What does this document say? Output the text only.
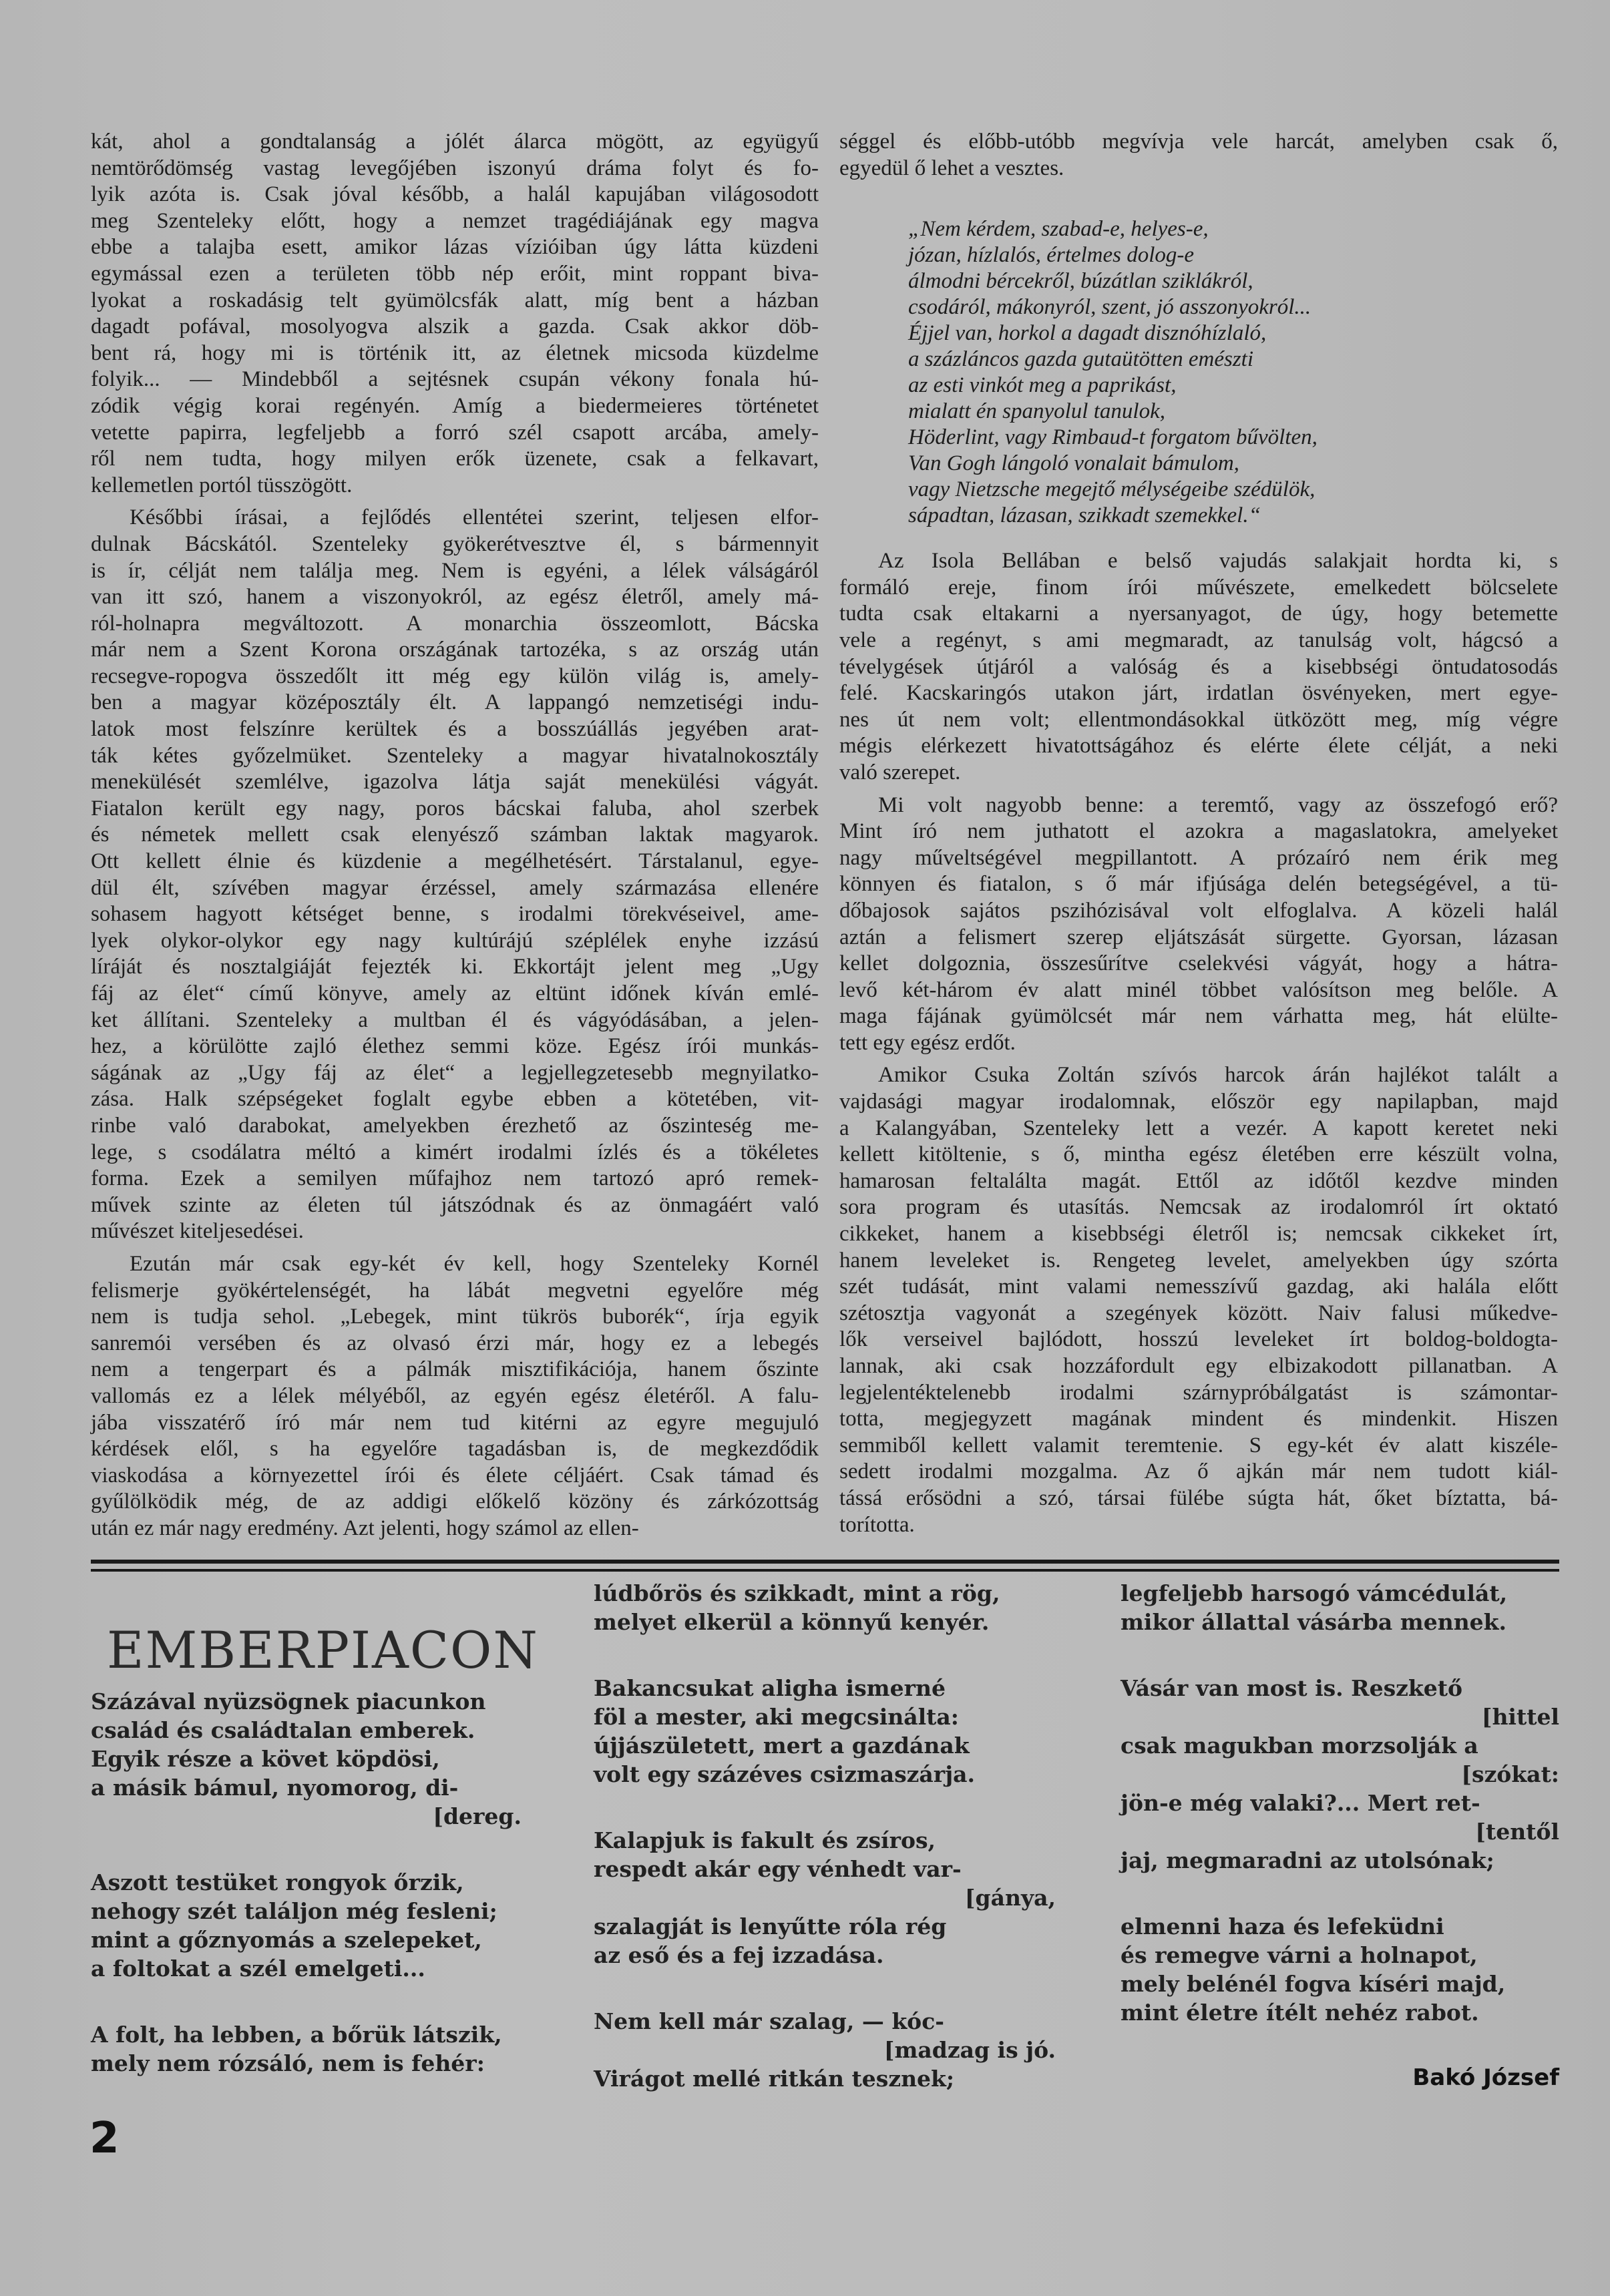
kát, ahol a gondtalanság a jólét álarca mögött, az együgyű
nemtörődömség vastag levegőjében iszonyú dráma folyt és fo-
lyik azóta is. Csak jóval később, a halál kapujában világosodott
meg Szenteleky előtt, hogy a nemzet tragédiájának egy magva
ebbe a talajba esett, amikor lázas vízióiban úgy látta küzdeni
egymással ezen a területen több nép erőit, mint roppant biva-
lyokat a roskadásig telt gyümölcsfák alatt, míg bent a házban
dagadt pofával, mosolyogva alszik a gazda. Csak akkor döb-
bent rá, hogy mi is történik itt, az életnek micsoda küzdelme
folyik... — Mindebből a sejtésnek csupán vékony fonala hú-
zódik végig korai regényén. Amíg a biedermeieres történetet
vetette papirra, legfeljebb a forró szél csapott arcába, amely-
ről nem tudta, hogy milyen erők üzenete, csak a felkavart,
kellemetlen portól tüsszögött.
Későbbi írásai, a fejlődés ellentétei szerint, teljesen elfor-
dulnak Bácskától. Szenteleky gyökerétvesztve él, s bármennyit
is ír, célját nem találja meg. Nem is egyéni, a lélek válságáról
van itt szó, hanem a viszonyokról, az egész életről, amely má-
ról-holnapra megváltozott. A monarchia összeomlott, Bácska
már nem a Szent Korona országának tartozéka, s az ország után
recsegve-ropogva összedőlt itt még egy külön világ is, amely-
ben a magyar középosztály élt. A lappangó nemzetiségi indu-
latok most felszínre kerültek és a bosszúállás jegyében arat-
ták kétes győzelmüket. Szenteleky a magyar hivatalnokosztály
menekülését szemlélve, igazolva látja saját menekülési vágyát.
Fiatalon került egy nagy, poros bácskai faluba, ahol szerbek
és németek mellett csak elenyésző számban laktak magyarok.
Ott kellett élnie és küzdenie a megélhetésért. Társtalanul, egye-
dül élt, szívében magyar érzéssel, amely származása ellenére
sohasem hagyott kétséget benne, s irodalmi törekvéseivel, ame-
lyek olykor-olykor egy nagy kultúrájú széplélek enyhe izzású
líráját és nosztalgiáját fejezték ki. Ekkortájt jelent meg „Ugy
fáj az élet“ című könyve, amely az eltünt időnek kíván emlé-
ket állítani. Szenteleky a multban él és vágyódásában, a jelen-
hez, a körülötte zajló élethez semmi köze. Egész írói munkás-
ságának az „Ugy fáj az élet“ a legjellegzetesebb megnyilatko-
zása. Halk szépségeket foglalt egybe ebben a kötetében, vit-
rinbe való darabokat, amelyekben érezhető az őszinteség me-
lege, s csodálatra méltó a kimért irodalmi ízlés és a tökéletes
forma. Ezek a semilyen műfajhoz nem tartozó apró remek-
művek szinte az életen túl játszódnak és az önmagáért való
művészet kiteljesedései.
Ezután már csak egy-két év kell, hogy Szenteleky Kornél
felismerje gyökértelenségét, ha lábát megvetni egyelőre még
nem is tudja sehol. „Lebegek, mint tükrös buborék“, írja egyik
sanremói versében és az olvasó érzi már, hogy ez a lebegés
nem a tengerpart és a pálmák misztifikációja, hanem őszinte
vallomás ez a lélek mélyéből, az egyén egész életéről. A falu-
jába visszatérő író már nem tud kitérni az egyre megujuló
kérdések elől, s ha egyelőre tagadásban is, de megkezdődik
viaskodása a környezettel írói és élete céljáért. Csak támad és
gyűlölködik még, de az addigi előkelő közöny és zárkózottság
után ez már nagy eredmény. Azt jelenti, hogy számol az ellen-
séggel és előbb-utóbb megvívja vele harcát, amelyben csak ő,
egyedül ő lehet a vesztes.
„Nem kérdem, szabad-e, helyes-e,
józan, hízlalós, értelmes dolog-e
álmodni bércekről, búzátlan sziklákról,
csodáról, mákonyról, szent, jó asszonyokról...
Éjjel van, horkol a dagadt disznóhízlaló,
a százláncos gazda gutaütötten emészti
az esti vinkót meg a paprikást,
mialatt én spanyolul tanulok,
Höderlint, vagy Rimbaud-t forgatom bűvölten,
Van Gogh lángoló vonalait bámulom,
vagy Nietzsche megejtő mélységeibe szédülök,
sápadtan, lázasan, szikkadt szemekkel.“
Az Isola Bellában e belső vajudás salakjait hordta ki, s
formáló ereje, finom írói művészete, emelkedett bölcselete
tudta csak eltakarni a nyersanyagot, de úgy, hogy betemette
vele a regényt, s ami megmaradt, az tanulság volt, hágcsó a
tévelygések útjáról a valóság és a kisebbségi öntudatosodás
felé. Kacskaringós utakon járt, irdatlan ösvényeken, mert egye-
nes út nem volt; ellentmondásokkal ütközött meg, míg végre
mégis elérkezett hivatottságához és elérte élete célját, a neki
való szerepet.
Mi volt nagyobb benne: a teremtő, vagy az összefogó erő?
Mint író nem juthatott el azokra a magaslatokra, amelyeket
nagy műveltségével megpillantott. A prózaíró nem érik meg
könnyen és fiatalon, s ő már ifjúsága delén betegségével, a tü-
dőbajosok sajátos pszihózisával volt elfoglalva. A közeli halál
aztán a felismert szerep eljátszását sürgette. Gyorsan, lázasan
kellet dolgoznia, összesűrítve cselekvési vágyát, hogy a hátra-
levő két-három év alatt minél többet valósítson meg belőle. A
maga fájának gyümölcsét már nem várhatta meg, hát elülte-
tett egy egész erdőt.
Amikor Csuka Zoltán szívós harcok árán hajlékot talált a
vajdasági magyar irodalomnak, először egy napilapban, majd
a Kalangyában, Szenteleky lett a vezér. A kapott keretet neki
kellett kitöltenie, s ő, mintha egész életében erre készült volna,
hamarosan feltalálta magát. Ettől az időtől kezdve minden
sora program és utasítás. Nemcsak az irodalomról írt oktató
cikkeket, hanem a kisebbségi életről is; nemcsak cikkeket írt,
hanem leveleket is. Rengeteg levelet, amelyekben úgy szórta
szét tudását, mint valami nemesszívű gazdag, aki halála előtt
szétosztja vagyonát a szegények között. Naiv falusi műkedve-
lők verseivel bajlódott, hosszú leveleket írt boldog-boldogta-
lannak, aki csak hozzáfordult egy elbizakodott pillanatban. A
legjelentéktelenebb irodalmi szárnypróbálgatást is számontar-
totta, megjegyzett magának mindent és mindenkit. Hiszen
semmiből kellett valamit teremtenie. S egy-két év alatt kiszéle-
sedett irodalmi mozgalma. Az ő ajkán már nem tudott kiál-
tássá erősödni a szó, társai fülébe súgta hát, őket bíztatta, bá-
torította.
EMBERPIACON
Százával nyüzsögnek piacunkon
család és családtalan emberek.
Egyik része a követ köpdösi,
a másik bámul, nyomorog, di-
[dereg.
Aszott testüket rongyok őrzik,
nehogy szét találjon még fesleni;
mint a gőznyomás a szelepeket,
a foltokat a szél emelgeti...
A folt, ha lebben, a bőrük látszik,
mely nem rózsáló, nem is fehér:
lúdbőrös és szikkadt, mint a rög,
melyet elkerül a könnyű kenyér.
Bakancsukat aligha ismerné
föl a mester, aki megcsinálta:
újjászületett, mert a gazdának
volt egy százéves csizmaszárja.
Kalapjuk is fakult és zsíros,
respedt akár egy vénhedt var-
[gánya,
szalagját is lenyűtte róla rég
az eső és a fej izzadása.
Nem kell már szalag, — kóc-
[madzag is jó.
Virágot mellé ritkán tesznek;
legfeljebb harsogó vámcédulát,
mikor állattal vásárba mennek.
Vásár van most is. Reszkető
[hittel
csak magukban morzsolják a
[szókat:
jön-e még valaki?... Mert ret-
[tentől
jaj, megmaradni az utolsónak;
elmenni haza és lefeküdni
és remegve várni a holnapot,
mely belénél fogva kíséri majd,
mint életre ítélt nehéz rabot.
Bakó József
2
